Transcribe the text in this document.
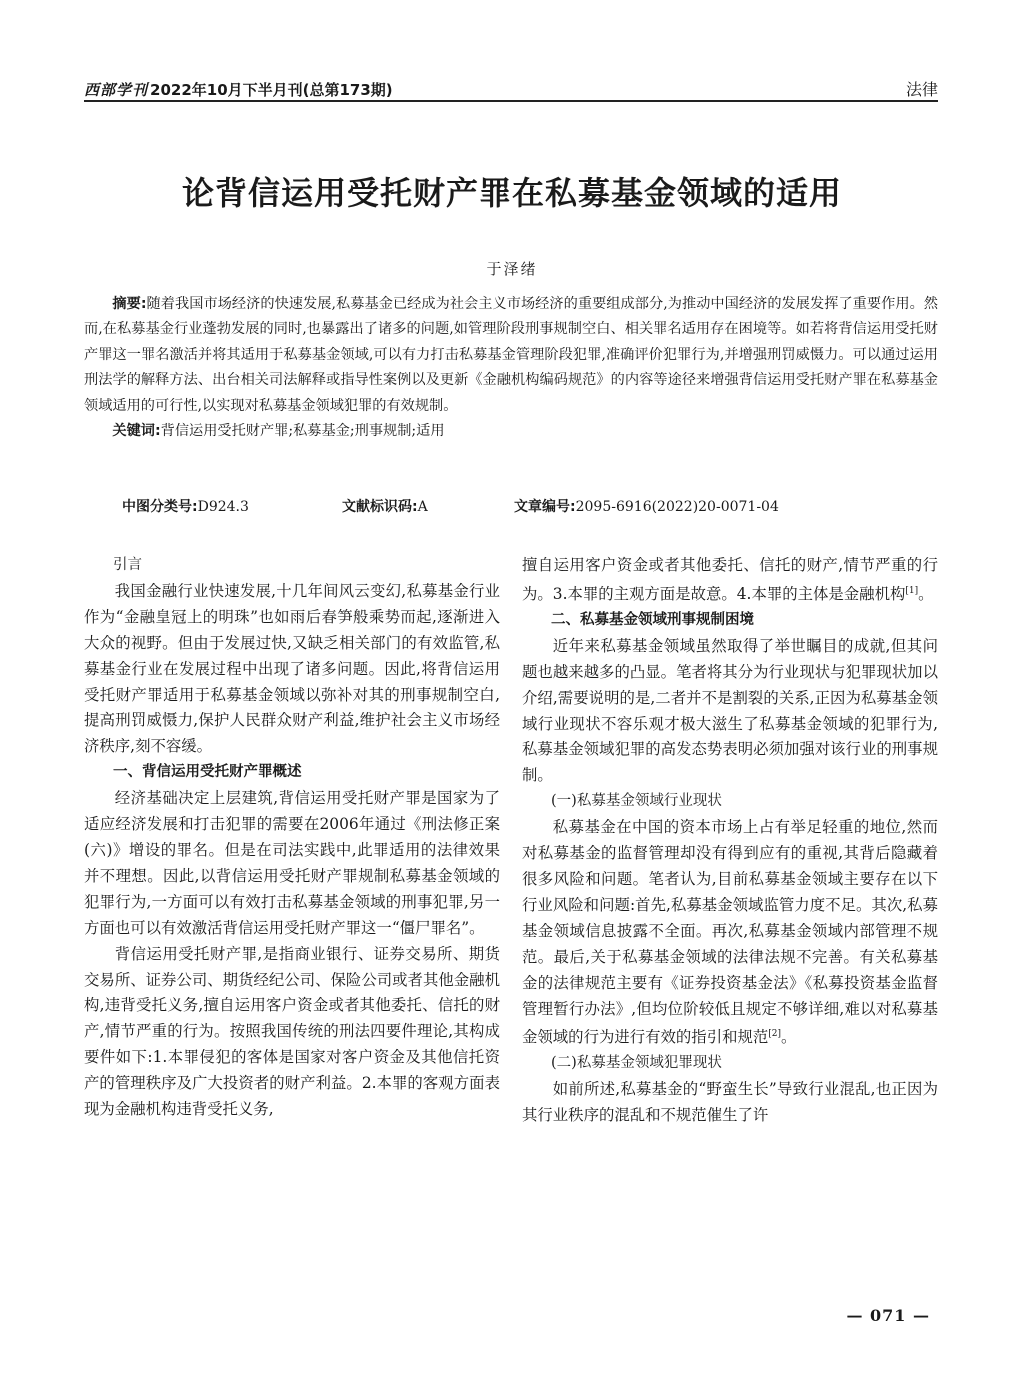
西部学刊 2022年10月下半月刊(总第173期)	法律
论背信运用受托财产罪在私募基金领域的适用
于泽绪

摘要:随着我国市场经济的快速发展,私募基金已经成为社会主义市场经济的重要组成部分,为推动中国经济的发展发挥了重要作用。然而,在私募基金行业蓬勃发展的同时,也暴露出了诸多的问题,如管理阶段刑事规制空白、相关罪名适用存在困境等。如若将背信运用受托财产罪这一罪名激活并将其适用于私募基金领域,可以有力打击私募基金管理阶段犯罪,准确评价犯罪行为,并增强刑罚威慑力。可以通过运用刑法学的解释方法、出台相关司法解释或指导性案例以及更新《金融机构编码规范》的内容等途径来增强背信运用受托财产罪在私募基金领域适用的可行性,以实现对私募基金领域犯罪的有效规制。

关键词:背信运用受托财产罪;私募基金;刑事规制;适用

中图分类号:D924.3	文献标识码:A	文章编号:2095-6916(2022)20-0071-04

引言

我国金融行业快速发展,十几年间风云变幻,私募基金行业作为“金融皇冠上的明珠”也如雨后春笋般乘势而起,逐渐进入大众的视野。但由于发展过快,又缺乏相关部门的有效监管,私募基金行业在发展过程中出现了诸多问题。因此,将背信运用受托财产罪适用于私募基金领域以弥补对其的刑事规制空白,提高刑罚威慑力,保护人民群众财产利益,维护社会主义市场经济秩序,刻不容缓。

一、背信运用受托财产罪概述

经济基础决定上层建筑,背信运用受托财产罪是国家为了适应经济发展和打击犯罪的需要在2006年通过《刑法修正案(六)》增设的罪名。但是在司法实践中,此罪适用的法律效果并不理想。因此,以背信运用受托财产罪规制私募基金领域的犯罪行为,一方面可以有效打击私募基金领域的刑事犯罪,另一方面也可以有效激活背信运用受托财产罪这一“僵尸罪名”。

背信运用受托财产罪,是指商业银行、证券交易所、期货交易所、证券公司、期货经纪公司、保险公司或者其他金融机构,违背受托义务,擅自运用客户资金或者其他委托、信托的财产,情节严重的行为。按照我国传统的刑法四要件理论,其构成要件如下:1.本罪侵犯的客体是国家对客户资金及其他信托资产的管理秩序及广大投资者的财产利益。2.本罪的客观方面表现为金融机构违背受托义务,

擅自运用客户资金或者其他委托、信托的财产,情节严重的行为。3.本罪的主观方面是故意。4.本罪的主体是金融机构[1]。

二、私募基金领域刑事规制困境

近年来私募基金领域虽然取得了举世瞩目的成就,但其问题也越来越多的凸显。笔者将其分为行业现状与犯罪现状加以介绍,需要说明的是,二者并不是割裂的关系,正因为私募基金领域行业现状不容乐观才极大滋生了私募基金领域的犯罪行为,私募基金领域犯罪的高发态势表明必须加强对该行业的刑事规制。

(一)私募基金领域行业现状

私募基金在中国的资本市场上占有举足轻重的地位,然而对私募基金的监督管理却没有得到应有的重视,其背后隐藏着很多风险和问题。笔者认为,目前私募基金领域主要存在以下行业风险和问题:首先,私募基金领域监管力度不足。其次,私募基金领域信息披露不全面。再次,私募基金领域内部管理不规范。最后,关于私募基金领域的法律法规不完善。有关私募基金的法律规范主要有《证券投资基金法》《私募投资基金监督管理暂行办法》,但均位阶较低且规定不够详细,难以对私募基金领域的行为进行有效的指引和规范[2]。

(二)私募基金领域犯罪现状

如前所述,私募基金的“野蛮生长”导致行业混乱,也正因为其行业秩序的混乱和不规范催生了许

— 071 —
